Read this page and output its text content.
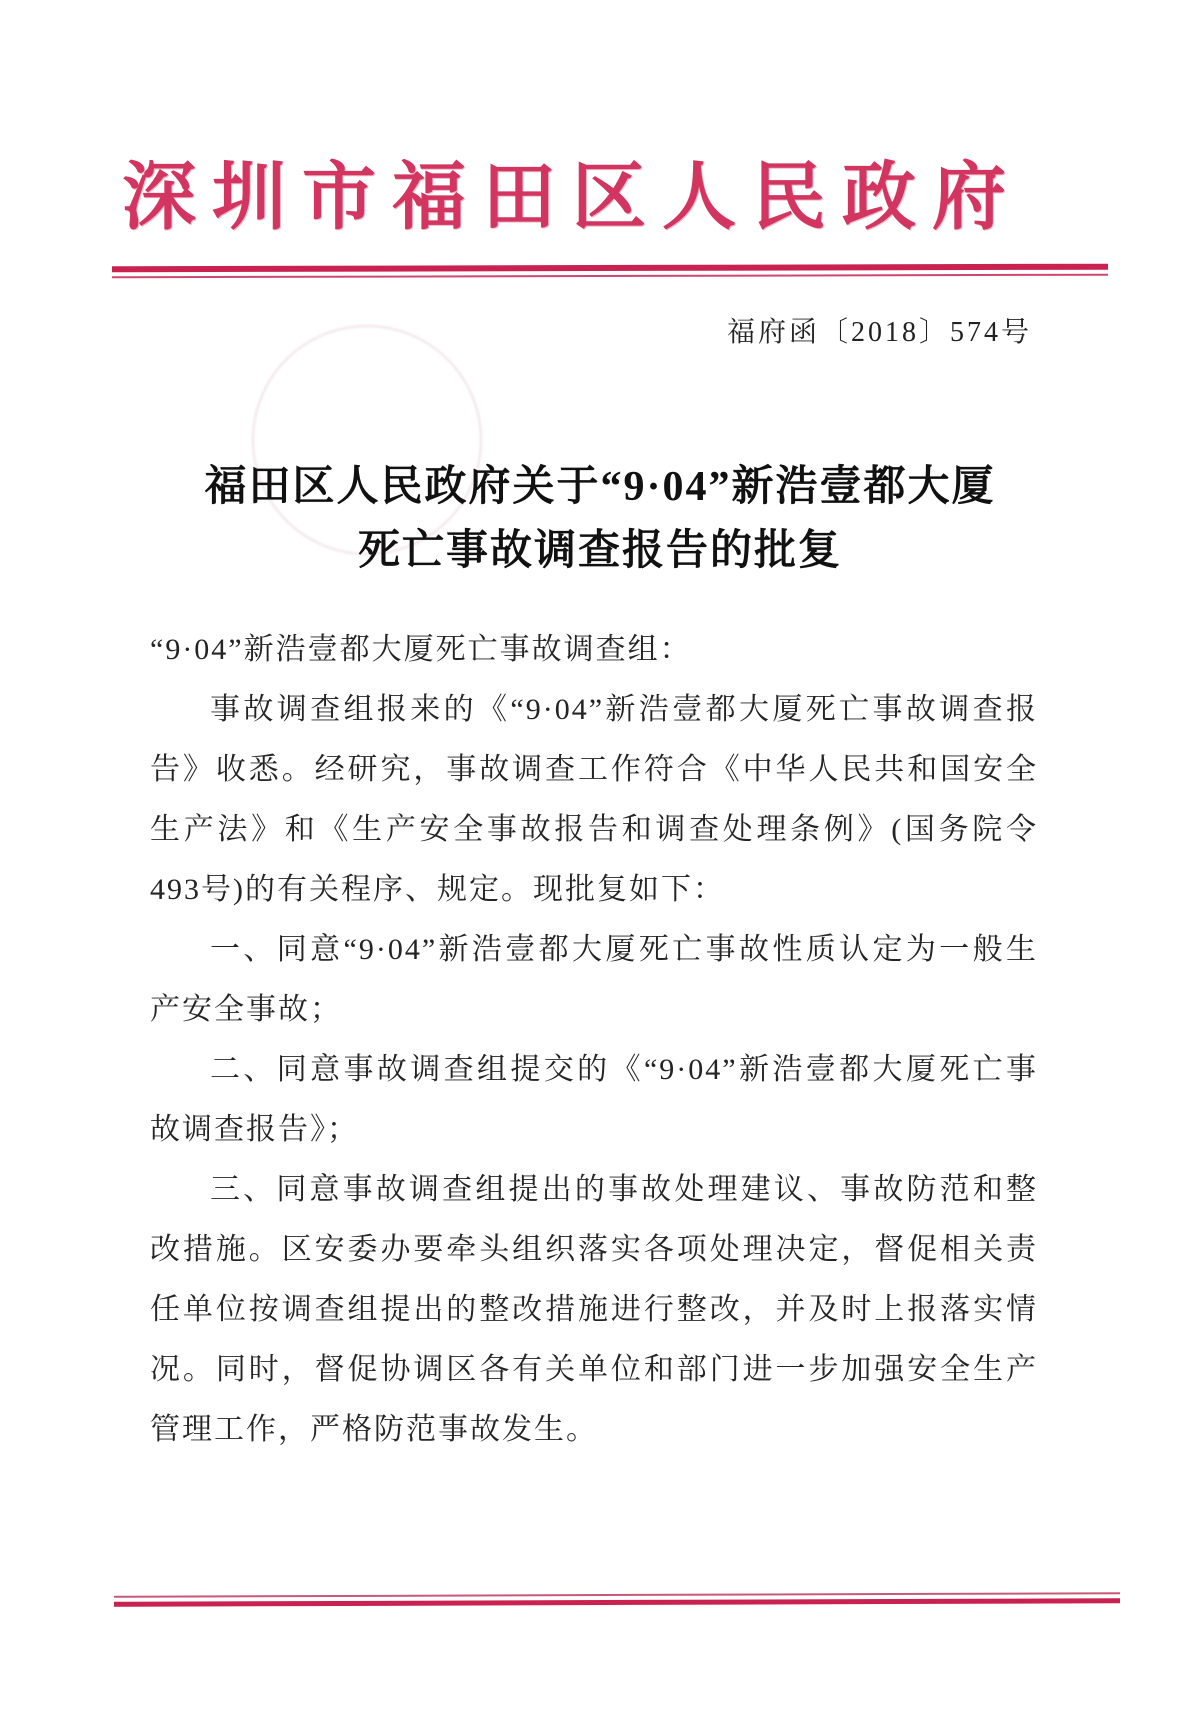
深圳市福田区人民政府
福府函〔2018〕574号
福田区人民政府关于“9·04”新浩壹都大厦
死亡事故调查报告的批复

“9·04”新浩壹都大厦死亡事故调查组：

事故调查组报来的《“9·04”新浩壹都大厦死亡事故调查报告》收悉。经研究，事故调查工作符合《中华人民共和国安全生产法》和《生产安全事故报告和调查处理条例》(国务院令493号)的有关程序、规定。现批复如下：

一、同意“9·04”新浩壹都大厦死亡事故性质认定为一般生产安全事故；

二、同意事故调查组提交的《“9·04”新浩壹都大厦死亡事故调查报告》；

三、同意事故调查组提出的事故处理建议、事故防范和整改措施。区安委办要牵头组织落实各项处理决定，督促相关责任单位按调查组提出的整改措施进行整改，并及时上报落实情况。同时，督促协调区各有关单位和部门进一步加强安全生产管理工作，严格防范事故发生。
